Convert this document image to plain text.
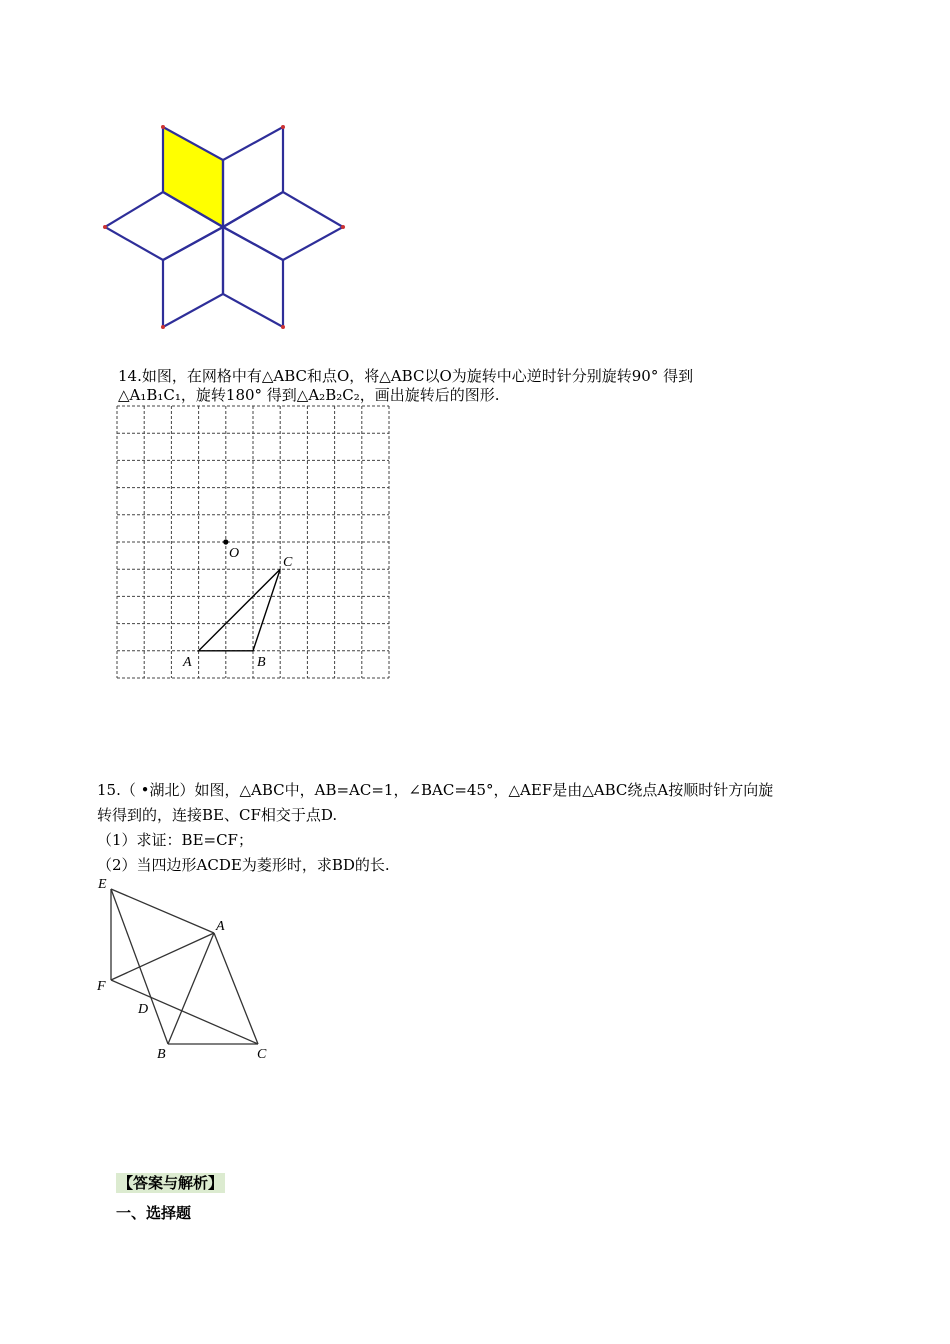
14.如图，在网格中有△ABC和点O，将△ABC以O为旋转中心逆时针分别旋转90° 得到
△A₁B₁C₁，旋转180° 得到△A₂B₂C₂，画出旋转后的图形.
O
C
A	B
15.（ •湖北）如图，△ABC中，AB=AC=1，∠BAC=45°，△AEF是由△ABC绕点A按顺时针方向旋
转得到的，连接BE、CF相交于点D.
（1）求证：BE=CF；
（2）当四边形ACDE为菱形时，求BD的长.
E
A
F
D
B	C
【答案与解析】
一、选择题
